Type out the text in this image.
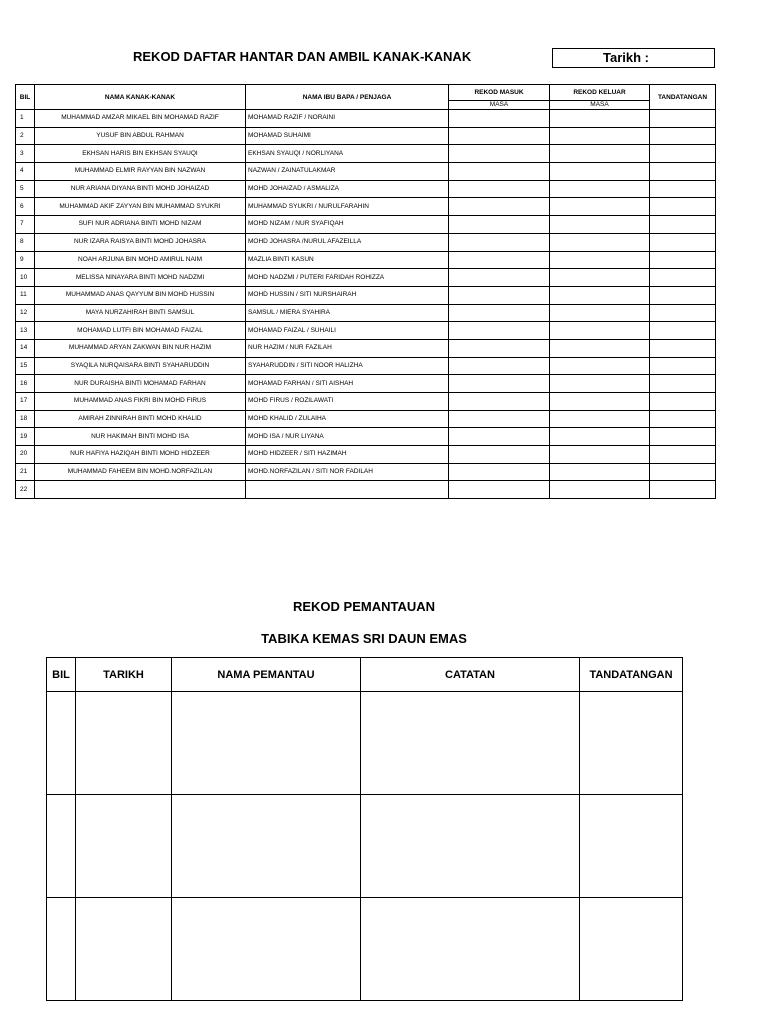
REKOD DAFTAR HANTAR DAN AMBIL KANAK-KANAK	Tarikh :
BIL	NAMA KANAK-KANAK	NAMA IBU BAPA / PENJAGA	REKOD MASUK	REKOD KELUAR	TANDATANGAN
			MASA	MASA	
1	MUHAMMAD AMZAR MIKAEL BIN MOHAMAD RAZIF	MOHAMAD RAZIF / NORAINI			
2	YUSUF BIN ABDUL RAHMAN	MOHAMAD SUHAIMI			
3	EKHSAN HARIS BIN EKHSAN SYAUQI	EKHSAN SYAUQI / NORLIYANA			
4	MUHAMMAD ELMIR RAYYAN BIN NAZWAN	NAZWAN / ZAINATULAKMAR			
5	NUR ARIANA DIYANA BINTI MOHD JOHAIZAD	MOHD JOHAIZAD / ASMALIZA			
6	MUHAMMAD AKIF ZAYYAN BIN MUHAMMAD SYUKRI	MUHAMMAD SYUKRI / NURULFARAHIN			
7	SUFI NUR ADRIANA BINTI MOHD NIZAM	MOHD NIZAM / NUR SYAFIQAH			
8	NUR IZARA RAISYA BINTI MOHD JOHASRA	MOHD JOHASRA /NURUL AFAZEILLA			
9	NOAH ARJUNA BIN MOHD AMIRUL NAIM	MAZLIA BINTI KASUN			
10	MELISSA NINAYARA BINTI MOHD NADZMI	MOHD NADZMI / PUTERI FARIDAH ROHIZZA			
11	MUHAMMAD ANAS QAYYUM BIN MOHD HUSSIN	MOHD HUSSIN / SITI NURSHAIRAH			
12	MAYA NURZAHIRAH BINTI SAMSUL	SAMSUL / MIERA SYAHIRA			
13	MOHAMAD LUTFI BIN MOHAMAD FAIZAL	MOHAMAD FAIZAL / SUHAILI			
14	MUHAMMAD ARYAN ZAKWAN BIN NUR HAZIM	NUR HAZIM / NUR FAZILAH			
15	SYAQILA NURQAISARA BINTI SYAHARUDDIN	SYAHARUDDIN / SITI NOOR HALIZHA			
16	NUR DURAISHA BINTI MOHAMAD FARHAN	MOHAMAD FARHAN / SITI AISHAH			
17	MUHAMMAD ANAS FIKRI BIN MOHD FIRUS	MOHD FIRUS / ROZILAWATI			
18	AMIRAH ZINNIRAH BINTI MOHD KHALID	MOHD KHALID / ZULAIHA			
19	NUR HAKIMAH BINTI MOHD ISA	MOHD ISA / NUR LIYANA			
20	NUR HAFIYA HAZIQAH BINTI MOHD HIDZEER	MOHD HIDZEER / SITI HAZIMAH			
21	MUHAMMAD FAHEEM BIN MOHD.NORFAZILAN	MOHD.NORFAZILAN / SITI NOR FADILAH			
22					
REKOD PEMANTAUAN
TABIKA KEMAS SRI DAUN EMAS
BIL	TARIKH	NAMA PEMANTAU	CATATAN	TANDATANGAN
